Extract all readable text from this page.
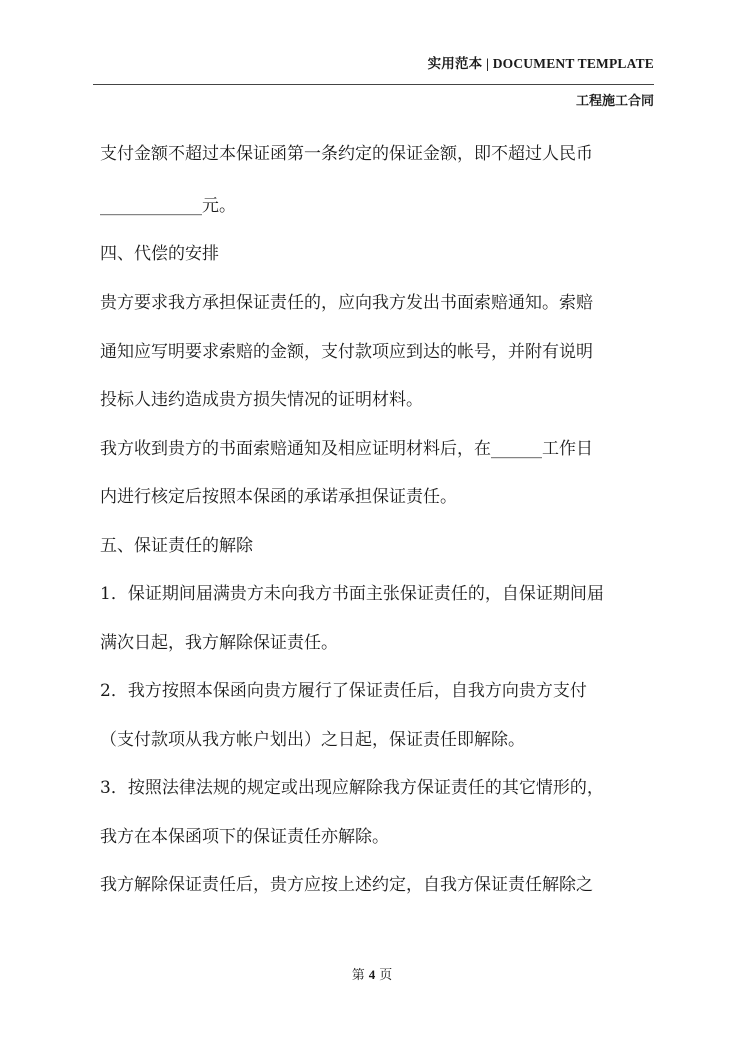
实用范本 | DOCUMENT TEMPLATE
工程施工合同
支付金额不超过本保证函第一条约定的保证金额，即不超过人民币
____________元。
四、代偿的安排
贵方要求我方承担保证责任的，应向我方发出书面索赔通知。索赔
通知应写明要求索赔的金额，支付款项应到达的帐号，并附有说明
投标人违约造成贵方损失情况的证明材料。
我方收到贵方的书面索赔通知及相应证明材料后，在______工作日
内进行核定后按照本保函的承诺承担保证责任。
五、保证责任的解除
1．保证期间届满贵方未向我方书面主张保证责任的，自保证期间届
满次日起，我方解除保证责任。
2．我方按照本保函向贵方履行了保证责任后，自我方向贵方支付
（支付款项从我方帐户划出）之日起，保证责任即解除。
3．按照法律法规的规定或出现应解除我方保证责任的其它情形的，
我方在本保函项下的保证责任亦解除。
我方解除保证责任后，贵方应按上述约定，自我方保证责任解除之
第 4 页
